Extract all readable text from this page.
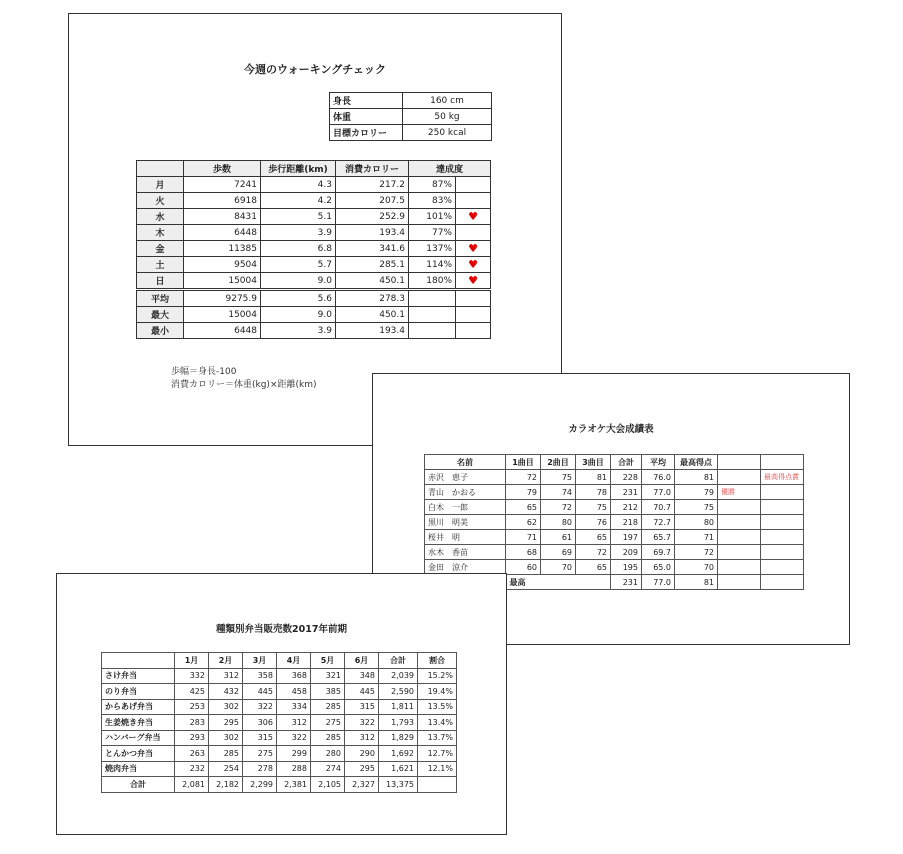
今週のウォーキングチェック
身長	160 cm
体重	50 kg
目標カロリー	250 kcal
	歩数	歩行距離(km)	消費カロリー	達成度	
月	7241	4.3	217.2	87%	
火	6918	4.2	207.5	83%	
水	8431	5.1	252.9	101%	♥
木	6448	3.9	193.4	77%	
金	11385	6.8	341.6	137%	♥
土	9504	5.7	285.1	114%	♥
日	15004	9.0	450.1	180%	♥
平均	9275.9	5.6	278.3		
最大	15004	9.0	450.1		
最小	6448	3.9	193.4		
歩幅＝身長-100
消費カロリー＝体重(kg)×距離(km)
カラオケ大会成績表
名前	1曲目	2曲目	3曲目	合計	平均	最高得点		
赤沢　恵子	72	75	81	228	76.0	81		最高得点賞
青山　かおる	79	74	78	231	77.0	79	優勝	
白木　一郎	65	72	75	212	70.7	75		
黒川　明美	62	80	76	218	72.7	80		
桜井　明	71	61	65	197	65.7	71		
水木　香苗	68	69	72	209	69.7	72		
金田　涼介	60	70	65	195	65.0	70		
最高				231	77.0	81		
種類別弁当販売数2017年前期
	1月	2月	3月	4月	5月	6月	合計	割合
さけ弁当	332	312	358	368	321	348	2,039	15.2%
のり弁当	425	432	445	458	385	445	2,590	19.4%
からあげ弁当	253	302	322	334	285	315	1,811	13.5%
生姜焼き弁当	283	295	306	312	275	322	1,793	13.4%
ハンバーグ弁当	293	302	315	322	285	312	1,829	13.7%
とんかつ弁当	263	285	275	299	280	290	1,692	12.7%
焼肉弁当	232	254	278	288	274	295	1,621	12.1%
合計	2,081	2,182	2,299	2,381	2,105	2,327	13,375	
